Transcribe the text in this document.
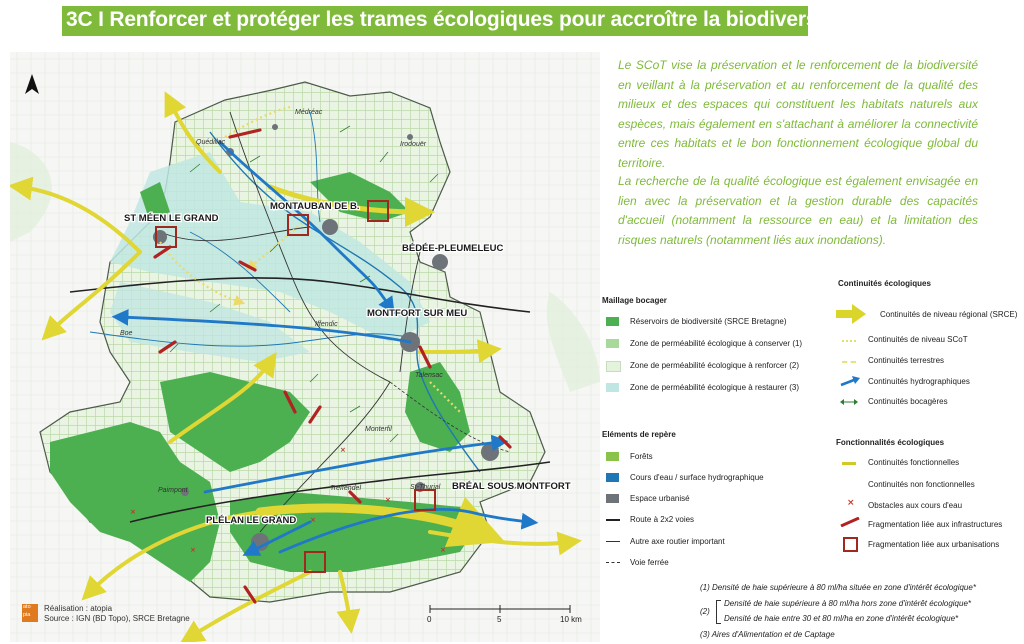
3C I Renforcer et protéger les trames écologiques pour accroître la biodiversité

Le SCoT vise la préservation et le renforcement de la biodiversité en veillant à la préservation et au renforcement de la qualité des milieux et des espaces qui constituent les habitats naturels aux espèces, mais également en s'attachant à améliorer la connectivité entre ces habitats et le bon fonctionnement écologique global du territoire.

La recherche de la qualité écologique est également envisagée en lien avec la préservation et la gestion durable des capacités d'accueil (notamment la ressource en eau) et la limitation des risques naturels (notamment liés aux inondations).

×
×
×
×
×	×
Médréac
Quédillac	Irodouër
Iffendic
Talensac
Monterfil
Paimpont	Treffendel	St-Thurial
Boe
ST MÉEN LE GRAND
MONTAUBAN DE B.
BÉDÉE-PLEUMELEUC
MONTFORT SUR MEU
BRÉAL SOUS MONTFORT
PLÉLAN LE GRAND
0	5	10 km
ato
pia
Réalisation : atopia
Source : IGN (BD Topo), SRCE Bretagne
Maillage bocager
Réservoirs de biodiversité (SRCE Bretagne)
Zone de perméabilité écologique à conserver (1)
Zone de perméabilité écologique à renforcer (2)
Zone de perméabilité écologique à restaurer (3)
Eléments de repère
Forêts
Cours d'eau / surface hydrographique
Espace urbanisé
Route à 2x2 voies
Autre axe routier important
Voie ferrée
Continuités écologiques
Continuités de niveau régional (SRCE)
Continuités de niveau SCoT
Continuités terrestres
Continuités hydrographiques
Continuités bocagères
Fonctionnalités écologiques
Continuités fonctionnelles
Continuités non fonctionnelles
× Obstacles aux cours d'eau
Fragmentation liée aux infrastructures
Fragmentation liée aux urbanisations
(1) Densité de haie supérieure à 80 ml/ha située en zone d'intérêt écologique*
(2)
Densité de haie supérieure à 80 ml/ha hors zone d'intérêt écologique*
Densité de haie entre 30 et 80 ml/ha en zone d'intérêt écologique*
(3) Aires d'Alimentation et de Captage
